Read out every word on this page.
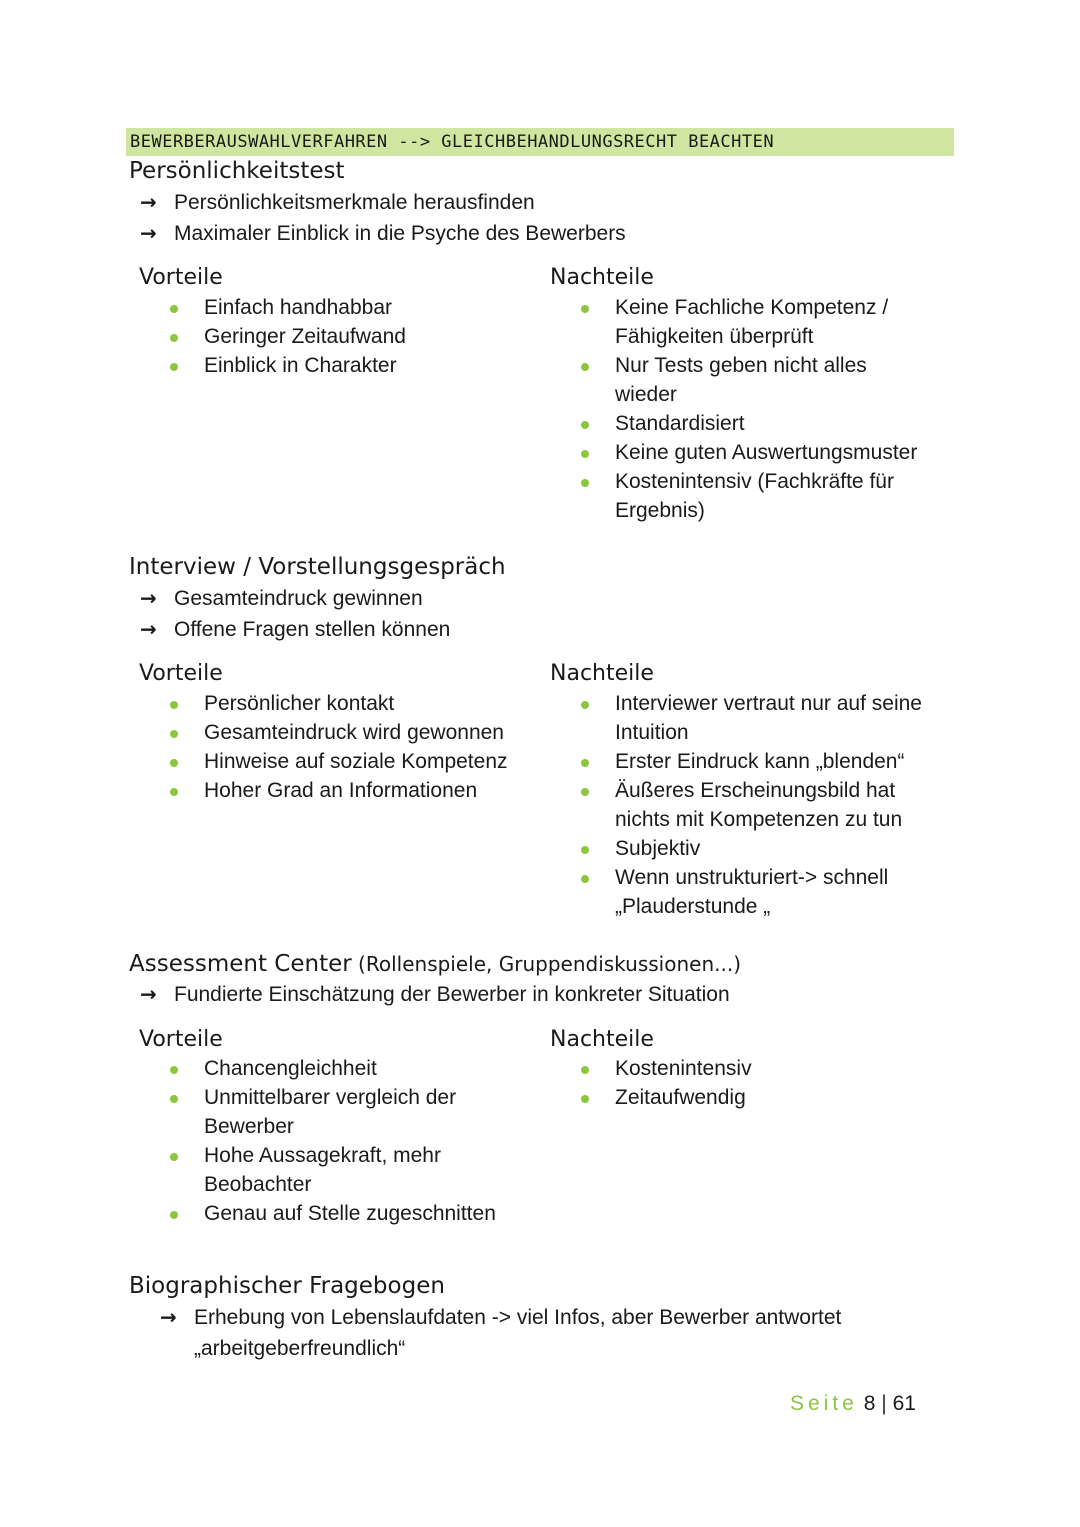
BEWERBERAUSWAHLVERFAHREN --> GLEICHBEHANDLUNGSRECHT BEACHTEN
Persönlichkeitstest
→ Persönlichkeitsmerkmale herausfinden
→ Maximaler Einblick in die Psyche des Bewerbers
Vorteile
Einfach handhabbar
Geringer Zeitaufwand
Einblick in Charakter
Nachteile
Keine Fachliche Kompetenz / Fähigkeiten überprüft
Nur Tests geben nicht alles wieder
Standardisiert
Keine guten Auswertungsmuster
Kostenintensiv (Fachkräfte für Ergebnis)
Interview / Vorstellungsgespräch
→ Gesamteindruck gewinnen
→ Offene Fragen stellen können
Vorteile
Persönlicher kontakt
Gesamteindruck wird gewonnen
Hinweise auf soziale Kompetenz
Hoher Grad an Informationen
Nachteile
Interviewer vertraut nur auf seine Intuition
Erster Eindruck kann „blenden“
Äußeres Erscheinungsbild hat nichts mit Kompetenzen zu tun
Subjektiv
Wenn unstrukturiert-> schnell „Plauderstunde „
Assessment Center (Rollenspiele, Gruppendiskussionen...)
→ Fundierte Einschätzung der Bewerber in konkreter Situation
Vorteile
Chancengleichheit
Unmittelbarer vergleich der Bewerber
Hohe Aussagekraft, mehr Beobachter
Genau auf Stelle zugeschnitten
Nachteile
Kostenintensiv
Zeitaufwendig
Biographischer Fragebogen
→ Erhebung von Lebenslaufdaten -> viel Infos, aber Bewerber antwortet „arbeitgeberfreundlich“
Seite 8 | 61
